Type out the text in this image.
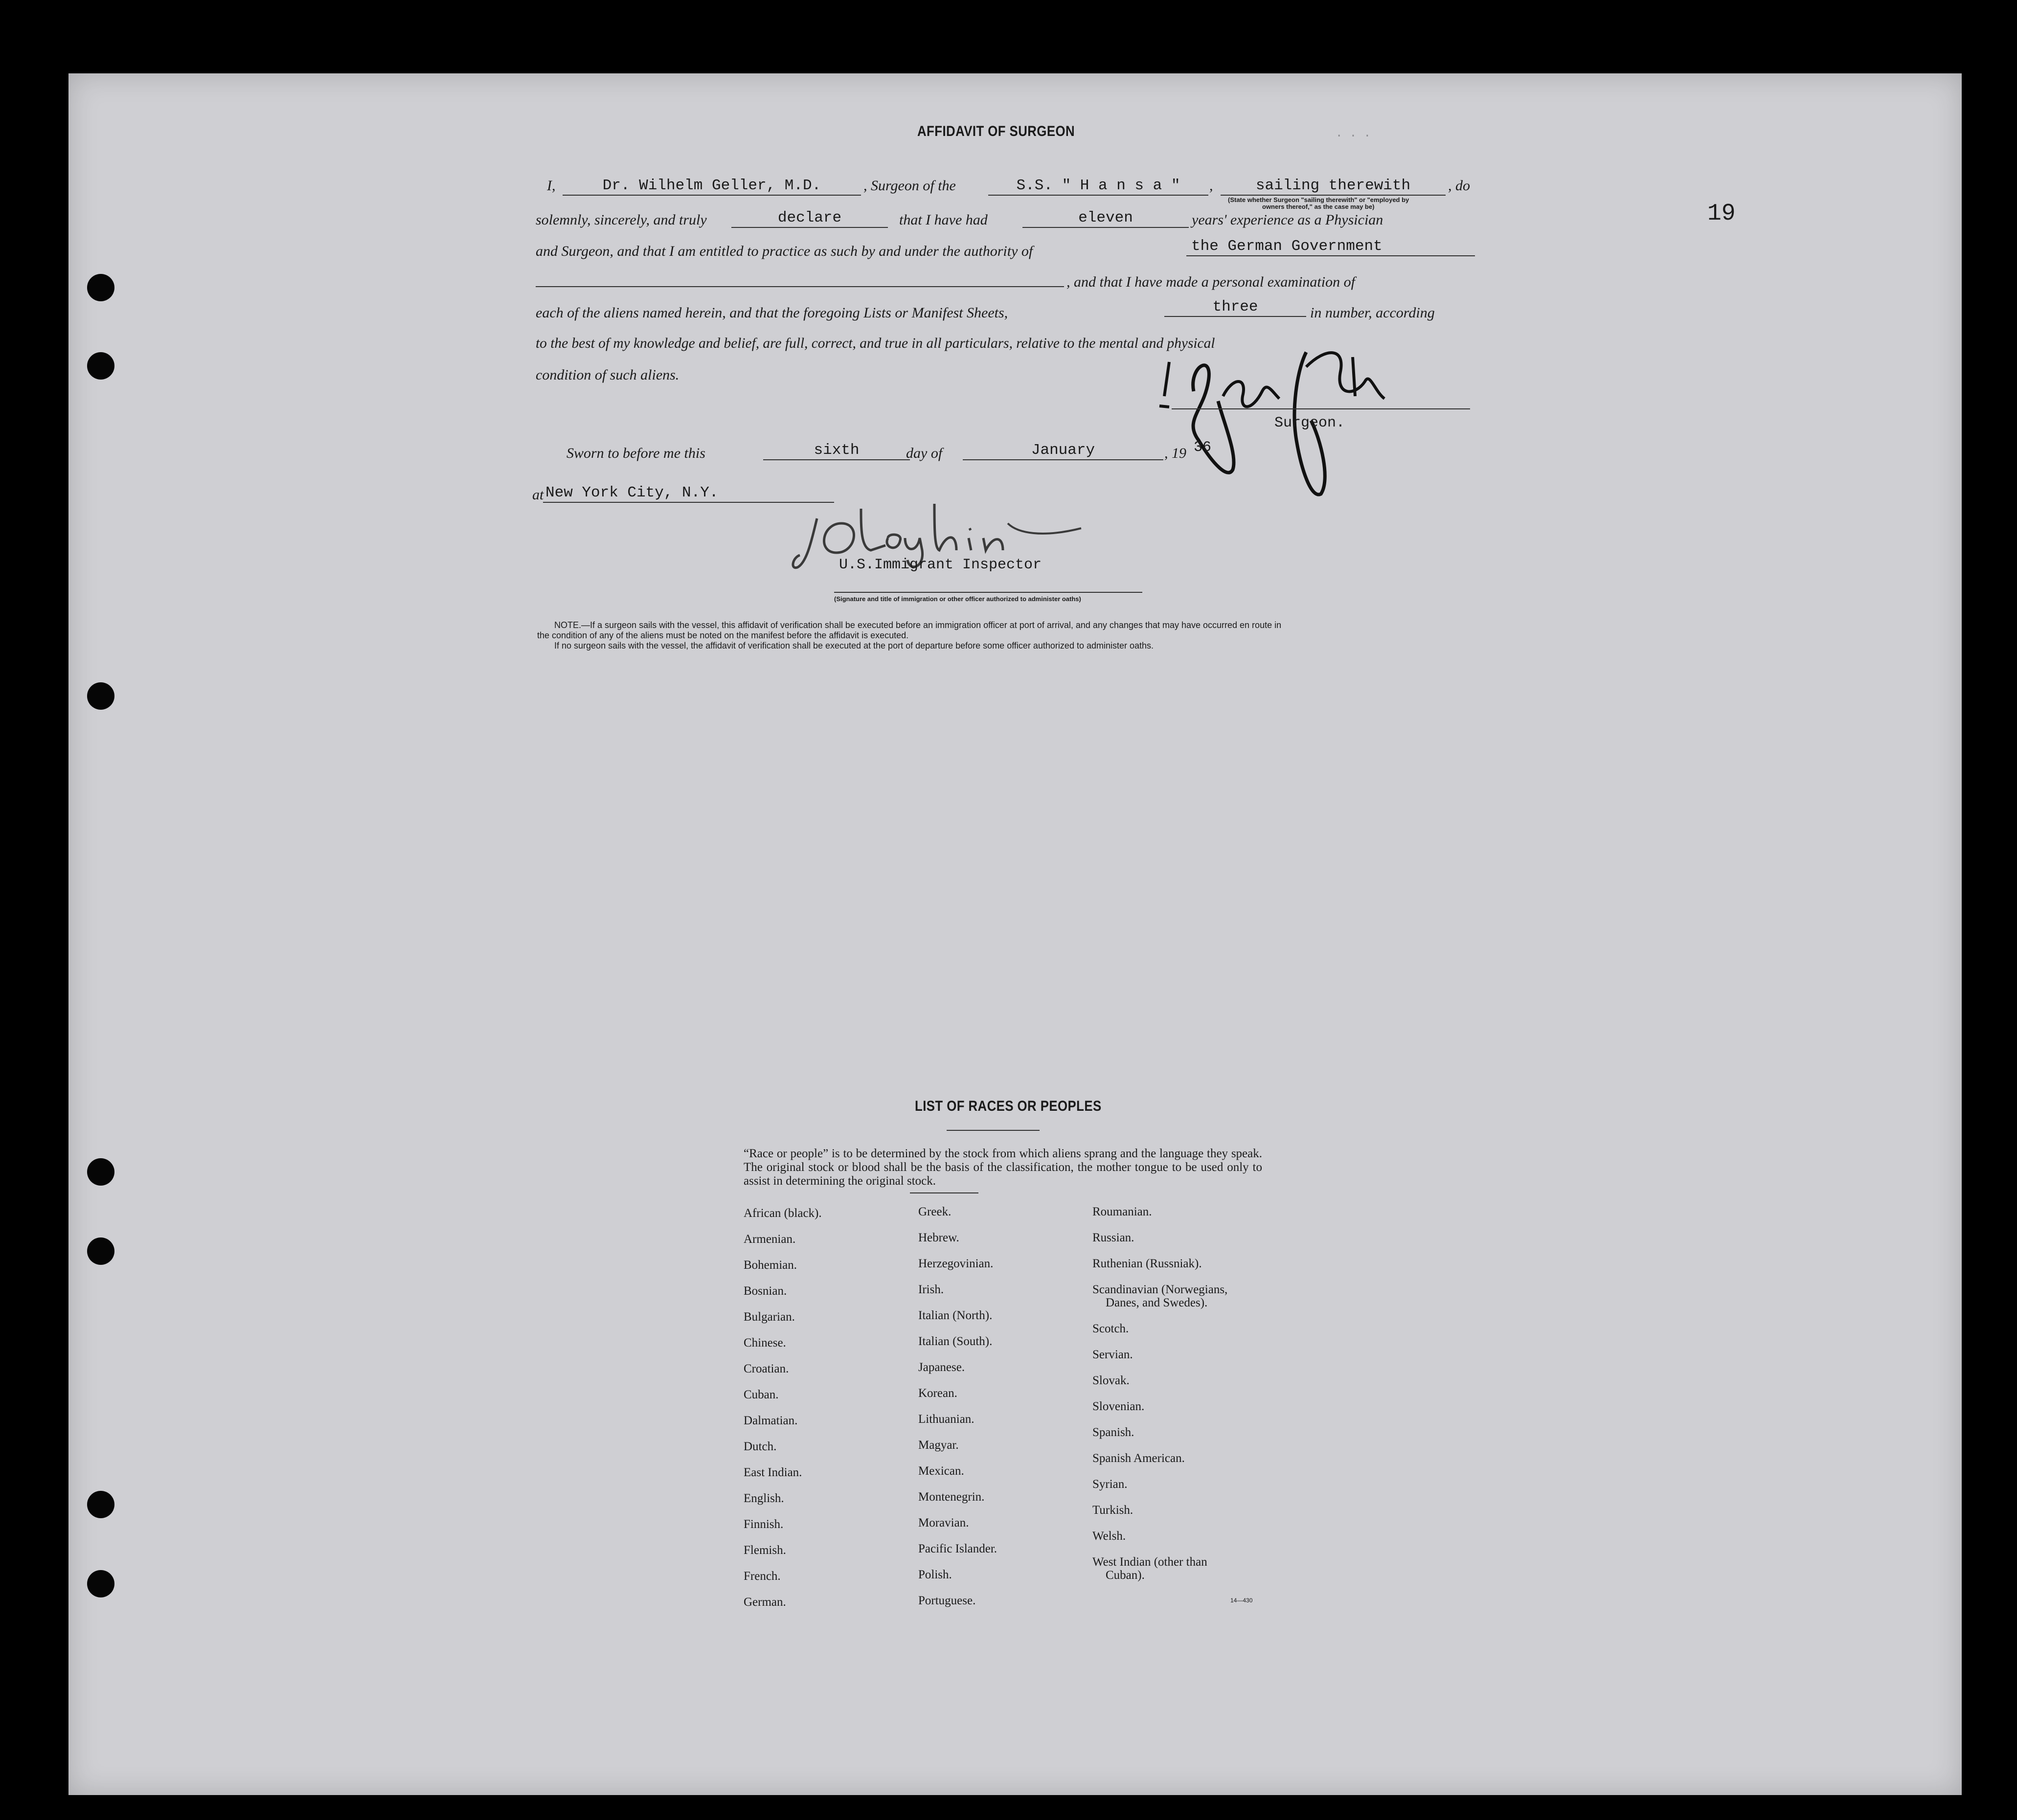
19
· · ·
AFFIDAVIT OF SURGEON
I,	Dr. Wilhelm Geller, M.D.	, Surgeon of the	S.S. " H a n s a "	,	sailing therewith	, do
(State whether Surgeon "sailing therewith" or "employed by
owners thereof," as the case may be)
solemnly, sincerely, and truly	declare	that I have had	eleven	years' experience as a Physician
and Surgeon, and that I am entitled to practice as such by and under the authority of	the German Government
, and that I have made a personal examination of
each of the aliens named herein, and that the foregoing Lists or Manifest Sheets,	three	in number, according
to the best of my knowledge and belief, are full, correct, and true in all particulars, relative to the mental and physical
condition of such aliens.
Surgeon.
Sworn to before me this	sixth	day of	January	, 19 36
at New York City, N.Y.
U.S.Immigrant Inspector
(Signature and title of immigration or other officer authorized to administer oaths)
NOTE.—If a surgeon sails with the vessel, this affidavit of verification shall be executed before an immigration officer at port of arrival, and any changes that may have occurred en route in
the condition of any of the aliens must be noted on the manifest before the affidavit is executed.
If no surgeon sails with the vessel, the affidavit of verification shall be executed at the port of departure before some officer authorized to administer oaths.
LIST OF RACES OR PEOPLES
“Race or people” is to be determined by the stock from which aliens sprang and the language they speak. The original stock or blood shall be the basis of the classification, the mother tongue to be used only to assist in determining the original stock.
African (black).
Armenian.
Bohemian.
Bosnian.
Bulgarian.
Chinese.
Croatian.
Cuban.
Dalmatian.
Dutch.
East Indian.
English.
Finnish.
Flemish.
French.
German.
Greek.
Hebrew.
Herzegovinian.
Irish.
Italian (North).
Italian (South).
Japanese.
Korean.
Lithuanian.
Magyar.
Mexican.
Montenegrin.
Moravian.
Pacific Islander.
Polish.
Portuguese.
Roumanian.
Russian.
Ruthenian (Russniak).
Scandinavian (Norwegians,
Danes, and Swedes).
Scotch.
Servian.
Slovak.
Slovenian.
Spanish.
Spanish American.
Syrian.
Turkish.
Welsh.
West Indian (other than
Cuban).
14—430
